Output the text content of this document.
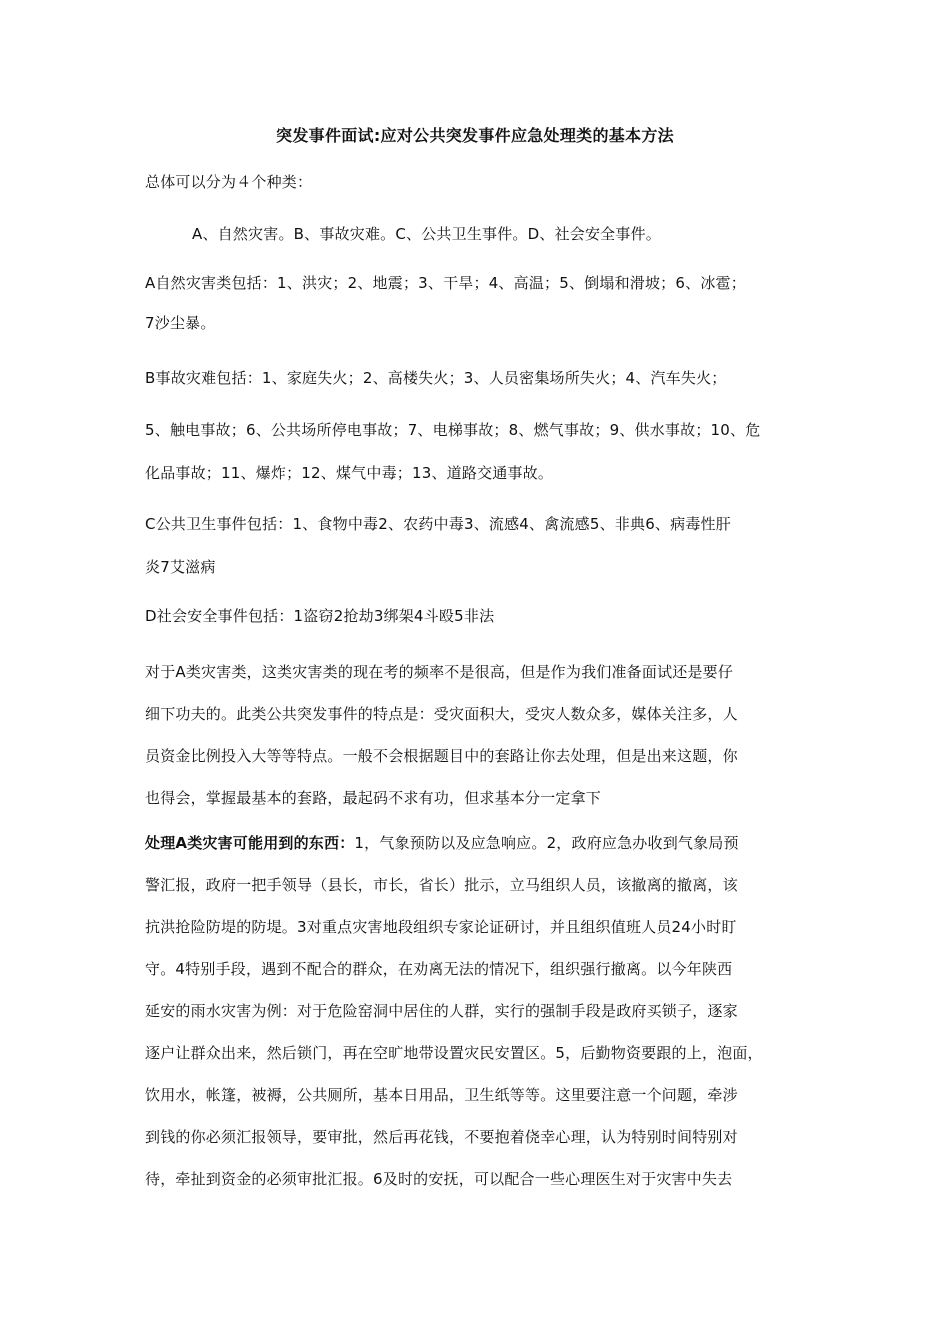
突发事件面试:应对公共突发事件应急处理类的基本方法
总体可以分为４个种类：
A、自然灾害。B、事故灾难。C、公共卫生事件。D、社会安全事件。
A自然灾害类包括：1、洪灾；2、地震；3、干旱；4、高温；5、倒塌和滑坡；6、冰雹；
7沙尘暴。
B事故灾难包括：1、家庭失火；2、高楼失火；3、人员密集场所失火；4、汽车失火；
5、触电事故；6、公共场所停电事故；7、电梯事故；8、燃气事故；9、供水事故；10、危
化品事故；11、爆炸；12、煤气中毒；13、道路交通事故。
C公共卫生事件包括：1、食物中毒2、农药中毒3、流感4、禽流感5、非典6、病毒性肝
炎7艾滋病
D社会安全事件包括：1盗窃2抢劫3绑架4斗殴5非法
对于A类灾害类，这类灾害类的现在考的频率不是很高，但是作为我们准备面试还是要仔
细下功夫的。此类公共突发事件的特点是：受灾面积大，受灾人数众多，媒体关注多，人
员资金比例投入大等等特点。一般不会根据题目中的套路让你去处理，但是出来这题，你
也得会，掌握最基本的套路，最起码不求有功，但求基本分一定拿下
处理A类灾害可能用到的东西：1，气象预防以及应急响应。2，政府应急办收到气象局预
警汇报，政府一把手领导（县长，市长，省长）批示，立马组织人员，该撤离的撤离，该
抗洪抢险防堤的防堤。3对重点灾害地段组织专家论证研讨，并且组织值班人员24小时盯
守。4特别手段，遇到不配合的群众，在劝离无法的情况下，组织强行撤离。以今年陕西
延安的雨水灾害为例：对于危险窑洞中居住的人群，实行的强制手段是政府买锁子，逐家
逐户让群众出来，然后锁门，再在空旷地带设置灾民安置区。5，后勤物资要跟的上，泡面，
饮用水，帐篷，被褥，公共厕所，基本日用品，卫生纸等等。这里要注意一个问题，牵涉
到钱的你必须汇报领导，要审批，然后再花钱，不要抱着侥幸心理，认为特别时间特别对
待，牵扯到资金的必须审批汇报。6及时的安抚，可以配合一些心理医生对于灾害中失去
